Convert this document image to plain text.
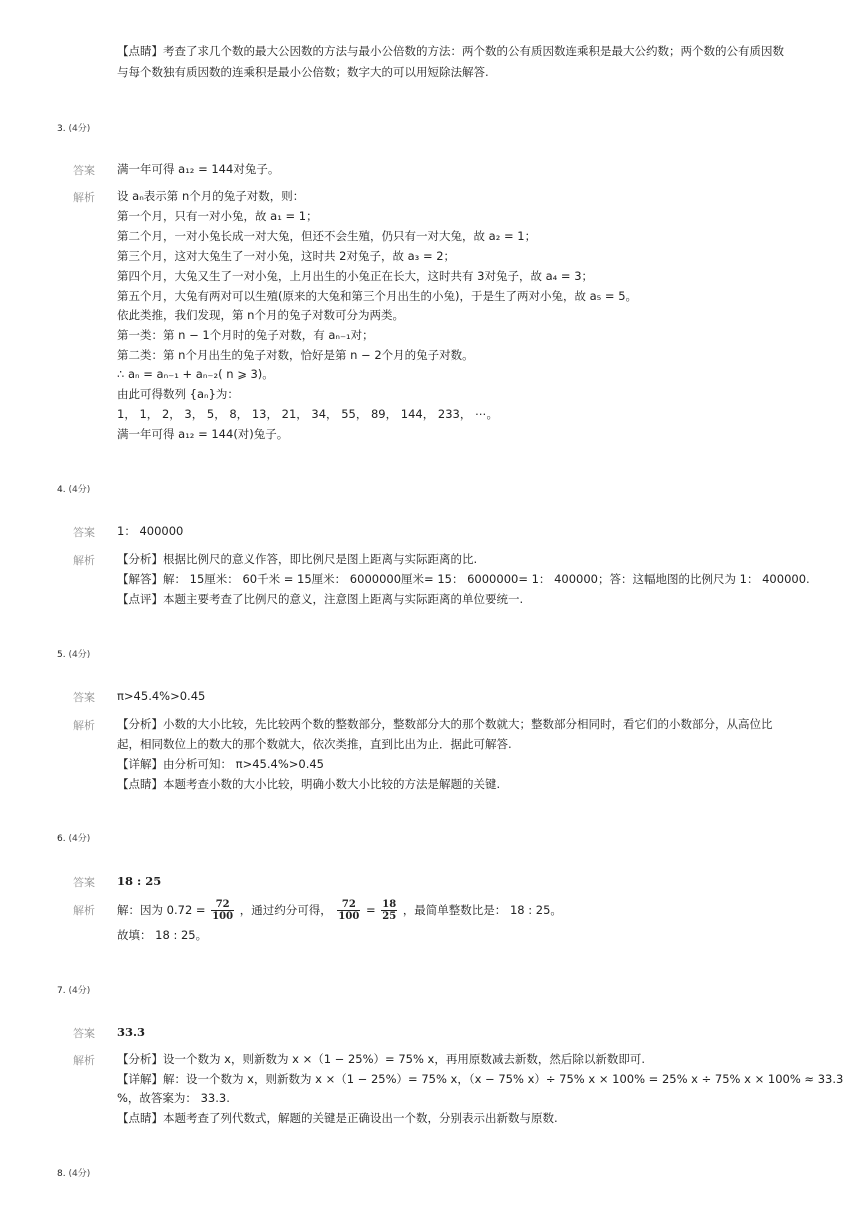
【点睛】考查了求几个数的最大公因数的方法与最小公倍数的方法：两个数的公有质因数连乘积是最大公约数；两个数的公有质因数
与每个数独有质因数的连乘积是最小公倍数；数字大的可以用短除法解答.
3. (4分)
答案 满一年可得 a₁₂ = 144对兔子。
解析 设 aₙ表示第 n个月的兔子对数，则：
第一个月，只有一对小兔，故 a₁ = 1；
第二个月，一对小兔长成一对大兔，但还不会生殖，仍只有一对大兔，故 a₂ = 1；
第三个月，这对大兔生了一对小兔，这时共 2对兔子，故 a₃ = 2；
第四个月，大兔又生了一对小兔，上月出生的小兔正在长大，这时共有 3对兔子，故 a₄ = 3；
第五个月，大兔有两对可以生殖(原来的大兔和第三个月出生的小兔)，于是生了两对小兔，故 a₅ = 5。
依此类推，我们发现，第 n个月的兔子对数可分为两类。
第一类：第 n − 1个月时的兔子对数，有 aₙ₋₁对；
第二类：第 n个月出生的兔子对数，恰好是第 n − 2个月的兔子对数。
∴ aₙ = aₙ₋₁ + aₙ₋₂( n ⩾ 3)。
由此可得数列 {aₙ}为：
1， 1， 2， 3， 5， 8， 13， 21， 34， 55， 89， 144， 233， ⋯。
满一年可得 a₁₂ = 144(对)兔子。
4. (4分)
答案 1： 400000
解析 【分析】根据比例尺的意义作答，即比例尺是图上距离与实际距离的比.
【解答】解： 15厘米： 60千米 = 15厘米： 6000000厘米= 15： 6000000= 1： 400000；答：这幅地图的比例尺为 1： 400000.
【点评】本题主要考查了比例尺的意义，注意图上距离与实际距离的单位要统一.
5. (4分)
答案 π>45.4%>0.45
解析 【分析】小数的大小比较，先比较两个数的整数部分，整数部分大的那个数就大；整数部分相同时，看它们的小数部分，从高位比
起，相同数位上的数大的那个数就大，依次类推，直到比出为止．据此可解答.
【详解】由分析可知： π>45.4%>0.45
【点睛】本题考查小数的大小比较，明确小数大小比较的方法是解题的关键.
6. (4分)
答案 18 : 25
解析 解：因为 $0.72 = \frac{72}{100}$ ，通过约分可得， $\frac{72}{100} = \frac{18}{25}$ ，最简单整数比是： 18 : 25。
故填： 18 : 25。
7. (4分)
答案 33.3
解析 【分析】设一个数为 x，则新数为 x ×（1 − 25%）= 75% x，再用原数减去新数，然后除以新数即可.
【详解】解：设一个数为 x，则新数为 x ×（1 − 25%）= 75% x，（x − 75% x）÷ 75% x × 100% = 25% x ÷ 75% x × 100% ≈ 33.3
%，故答案为： 33.3.
【点睛】本题考查了列代数式，解题的关键是正确设出一个数，分别表示出新数与原数.
8. (4分)
